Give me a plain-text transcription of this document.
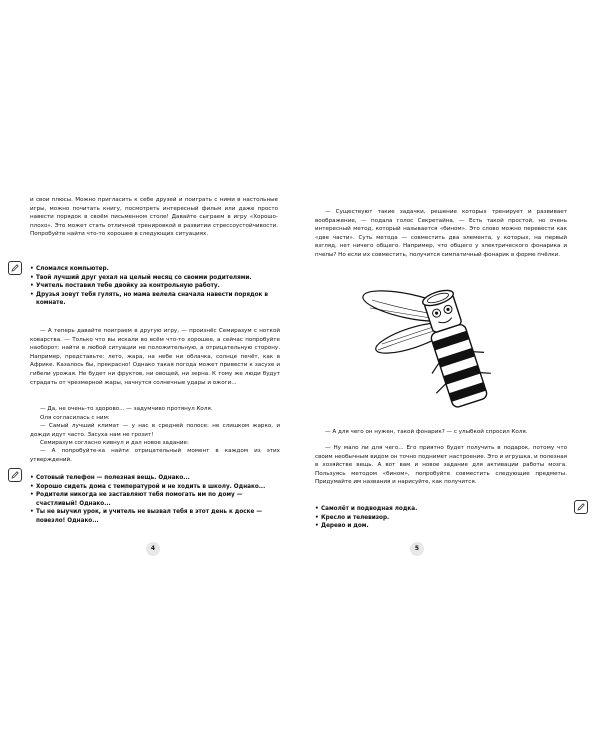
и свои плюсы. Можно пригласить к себе друзей и поиграть с ними в настольные игры, можно почитать книгу, посмотреть интересный фильм или даже просто навести порядок в своём письменном столе! Давайте сыграем в игру «Хорошо-плохо». Это может стать отличной тренировкой в развитии стрессоустойчивости. Попробуйте найти что-то хорошее в следующих ситуациях.

• Сломался компьютер.
• Твой лучший друг уехал на целый месяц со своими родителями.
• Учитель поставил тебе двойку за контрольную работу.
• Друзья зовут тебя гулять, но мама велела сначала навести порядок в комнате.

— А теперь давайте поиграем в другую игру, — произнёс Семиразум с ноткой коварства. — Только что вы искали во всём что-то хорошее, а сейчас попробуйте наоборот: найти в любой ситуации не положительную, а отрицательную сторону. Например, представьте: лето, жара, на небе ни облачка, солнце печёт, как в Африке. Казалось бы, прекрасно! Однако такая погода может привести к засухе и гибели урожая. Не будет ни фруктов, ни овощей, ни зерна. К тому же люди будут страдать от чрезмерной жары, начнутся солнечные удары и ожоги...

— Да, не очень-то здорово... — задумчиво протянул Коля.

Оля согласилась с ним:

— Самый лучший климат — у нас в средней полосе: не слишком жарко, и дожди идут часто. Засуха нам не грозит!

Семиразум согласно кивнул и дал новое задание:

— А попробуйте-ка найти отрицательный момент в каждом из этих утверждений.

• Сотовый телефон — полезная вещь. Однако...
• Хорошо сидеть дома с температурой и не ходить в школу. Однако...
• Родители никогда не заставляют тебя помогать им по дому — счастливый! Однако...
• Ты не выучил урок, и учитель не вызвал тебя в этот день к доске — повезло! Однако...
4

— Существуют такие задачки, решение которых тренирует и развивает воображение, — подала голос Секретайна. — Есть такой простой, но очень интересный метод, который называется «бином». Это слово можно перевести как «две части». Суть метода — совместить два элемента, у которых, на первый взгляд, нет ничего общего. Например, что общего у электрического фонарика и пчелы? Но если их совместить, получится симпатичный фонарик в форме пчёлки.

— А для чего он нужен, такой фонарик? — с улыбкой спросил Коля.

— Ну мало ли для чего... Его приятно будет получить в подарок, потому что своим необычным видом он точно поднимет настроение. Это и игрушка, и полезная в хозяйстве вещь. А вот вам и новое задание для активации работы мозга. Пользуясь методом «бином», попробуйте совместить следующие предметы. Придумайте им названия и нарисуйте, как получится.

• Самолёт и подводная лодка.
• Кресло и телевизор.
• Дерево и дом.
5
